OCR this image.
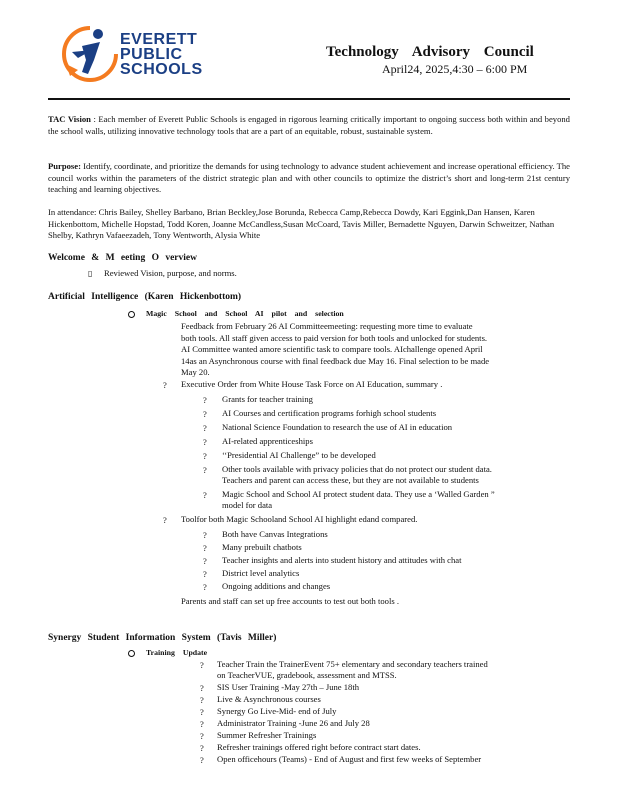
EVERETT
PUBLIC
SCHOOLS
Technology Advisory Council
April24, 2025,4:30 – 6:00 PM
TAC Vision : Each member of Everett Public Schools is engaged in rigorous learning critically important to ongoing success both within and beyond the school walls, utilizing innovative technology tools that are a part of an equitable, robust, sustainable system.
Purpose: Identify, coordinate, and prioritize the demands for using technology to advance student achievement and increase operational efficiency. The council works within the parameters of the district strategic plan and with other councils to optimize the district’s short and long-term 21st century teaching and learning objectives.
In attendance: Chris Bailey, Shelley Barbano, Brian Beckley,Jose Borunda, Rebecca Camp,Rebecca Dowdy, Kari Eggink,Dan Hansen, Karen Hickenbottom, Michelle Hopstad, Todd Koren, Joanne McCandless,Susan McCoard, Tavis Miller, Bernadette Nguyen, Darwin Schweitzer, Nathan Shelby, Kathryn Vafaeezadeh, Tony Wentworth, Alysia White
Welcome & M eeting O verview
▯ Reviewed Vision, purpose, and norms.
Artificial Intelligence (Karen Hickenbottom)
Magic School and School AI pilot and selection
Feedback from February 26 AI Committeemeeting: requesting more time to evaluate
both tools. All staff given access to paid version for both tools and unlocked for students.
AI Committee wanted amore scientific task to compare tools. AIchallenge opened April
14as an Asynchronous course with final feedback due May 16. Final selection to be made
May 20.
? Executive Order from White House Task Force on AI Education, summary .
? Grants for teacher training
? AI Courses and certification programs forhigh school students
? National Science Foundation to research the use of AI in education
? AI-related apprenticeships
? ‘‘Presidential AI Challenge” to be developed
? Other tools available with privacy policies that do not protect our student data.
Teachers and parent can access these, but they are not available to students
? Magic School and School AI protect student data. They use a ‘Walled Garden ”
model for data
? Toolfor both Magic Schooland School AI highlight edand compared.
? Both have Canvas Integrations
? Many prebuilt chatbots
? Teacher insights and alerts into student history and attitudes with chat
? District level analytics
? Ongoing additions and changes
Parents and staff can set up free accounts to test out both tools .
Synergy Student Information System (Tavis Miller)
Training Update
? Teacher Train the TrainerEvent 75+ elementary and secondary teachers trained
on TeacherVUE, gradebook, assessment and MTSS.
? SIS User Training -May 27th – June 18th
? Live & Asynchronous courses
? Synergy Go Live-Mid- end of July
? Administrator Training -June 26 and July 28
? Summer Refresher Trainings
? Refresher trainings offered right before contract start dates.
? Open officehours (Teams) - End of August and first few weeks of September
